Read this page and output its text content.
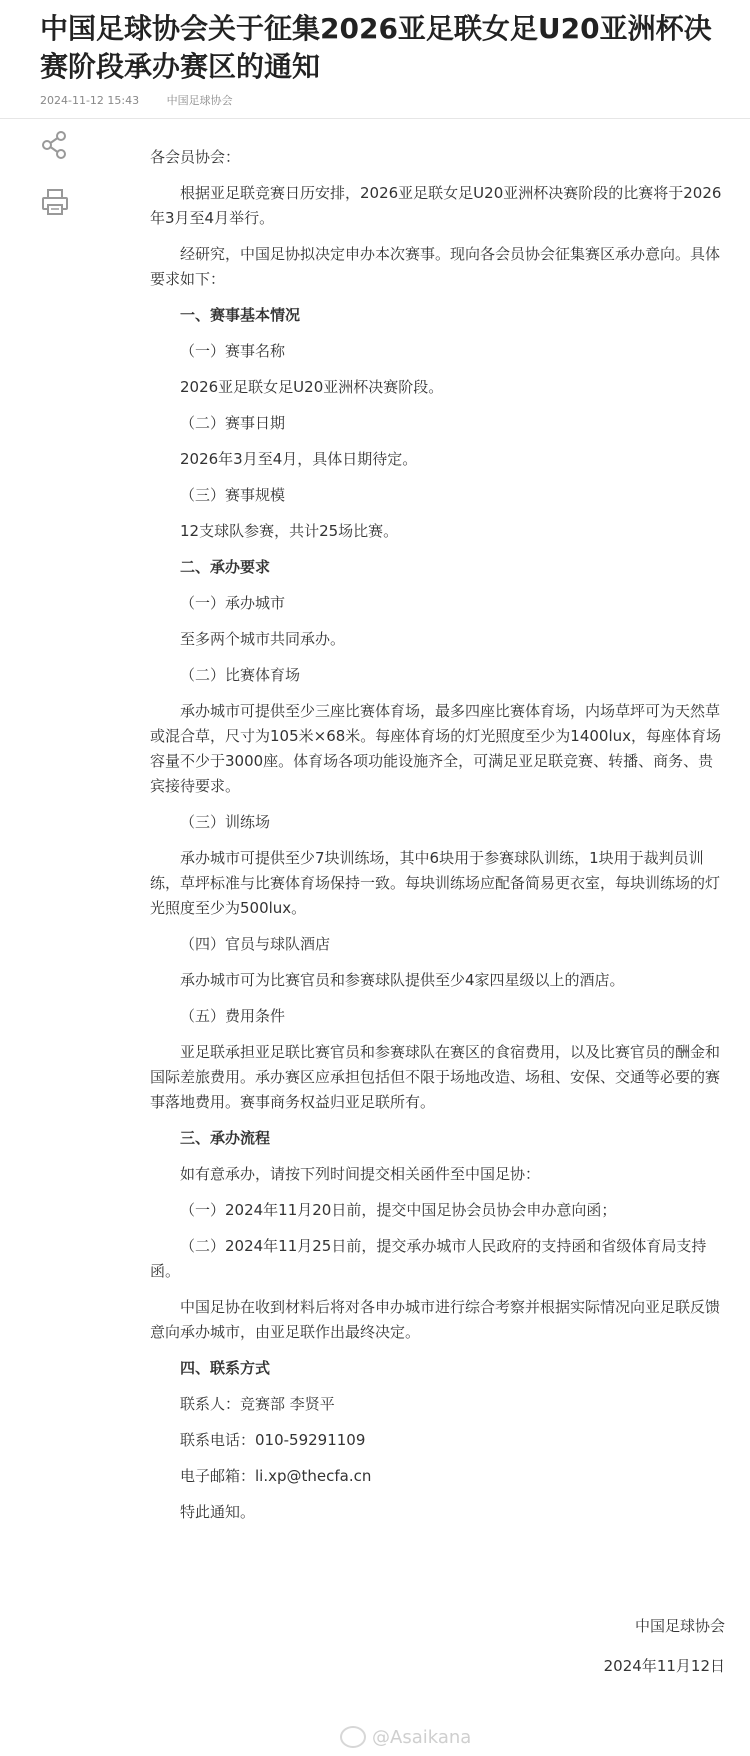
中国足球协会关于征集2026亚足联女足U20亚洲杯决赛阶段承办赛区的通知
2024-11-12 15:43	中国足球协会

各会员协会：

根据亚足联竞赛日历安排，2026亚足联女足U20亚洲杯决赛阶段的比赛将于2026年3月至4月举行。

经研究，中国足协拟决定申办本次赛事。现向各会员协会征集赛区承办意向。具体要求如下：

一、赛事基本情况

（一）赛事名称

2026亚足联女足U20亚洲杯决赛阶段。

（二）赛事日期

2026年3月至4月，具体日期待定。

（三）赛事规模

12支球队参赛，共计25场比赛。

二、承办要求

（一）承办城市

至多两个城市共同承办。

（二）比赛体育场

承办城市可提供至少三座比赛体育场，最多四座比赛体育场，内场草坪可为天然草或混合草，尺寸为105米×68米。每座体育场的灯光照度至少为1400lux，每座体育场容量不少于3000座。体育场各项功能设施齐全，可满足亚足联竞赛、转播、商务、贵宾接待要求。

（三）训练场

承办城市可提供至少7块训练场，其中6块用于参赛球队训练，1块用于裁判员训练，草坪标准与比赛体育场保持一致。每块训练场应配备简易更衣室，每块训练场的灯光照度至少为500lux。

（四）官员与球队酒店

承办城市可为比赛官员和参赛球队提供至少4家四星级以上的酒店。

（五）费用条件

亚足联承担亚足联比赛官员和参赛球队在赛区的食宿费用，以及比赛官员的酬金和国际差旅费用。承办赛区应承担包括但不限于场地改造、场租、安保、交通等必要的赛事落地费用。赛事商务权益归亚足联所有。

三、承办流程

如有意承办，请按下列时间提交相关函件至中国足协：

（一）2024年11月20日前，提交中国足协会员协会申办意向函；

（二）2024年11月25日前，提交承办城市人民政府的支持函和省级体育局支持函。

中国足协在收到材料后将对各申办城市进行综合考察并根据实际情况向亚足联反馈意向承办城市，由亚足联作出最终决定。

四、联系方式

联系人：竞赛部 李贤平

联系电话：010-59291109

电子邮箱：li.xp@thecfa.cn

特此通知。

中国足球协会
2024年11月12日
@Asaikana
